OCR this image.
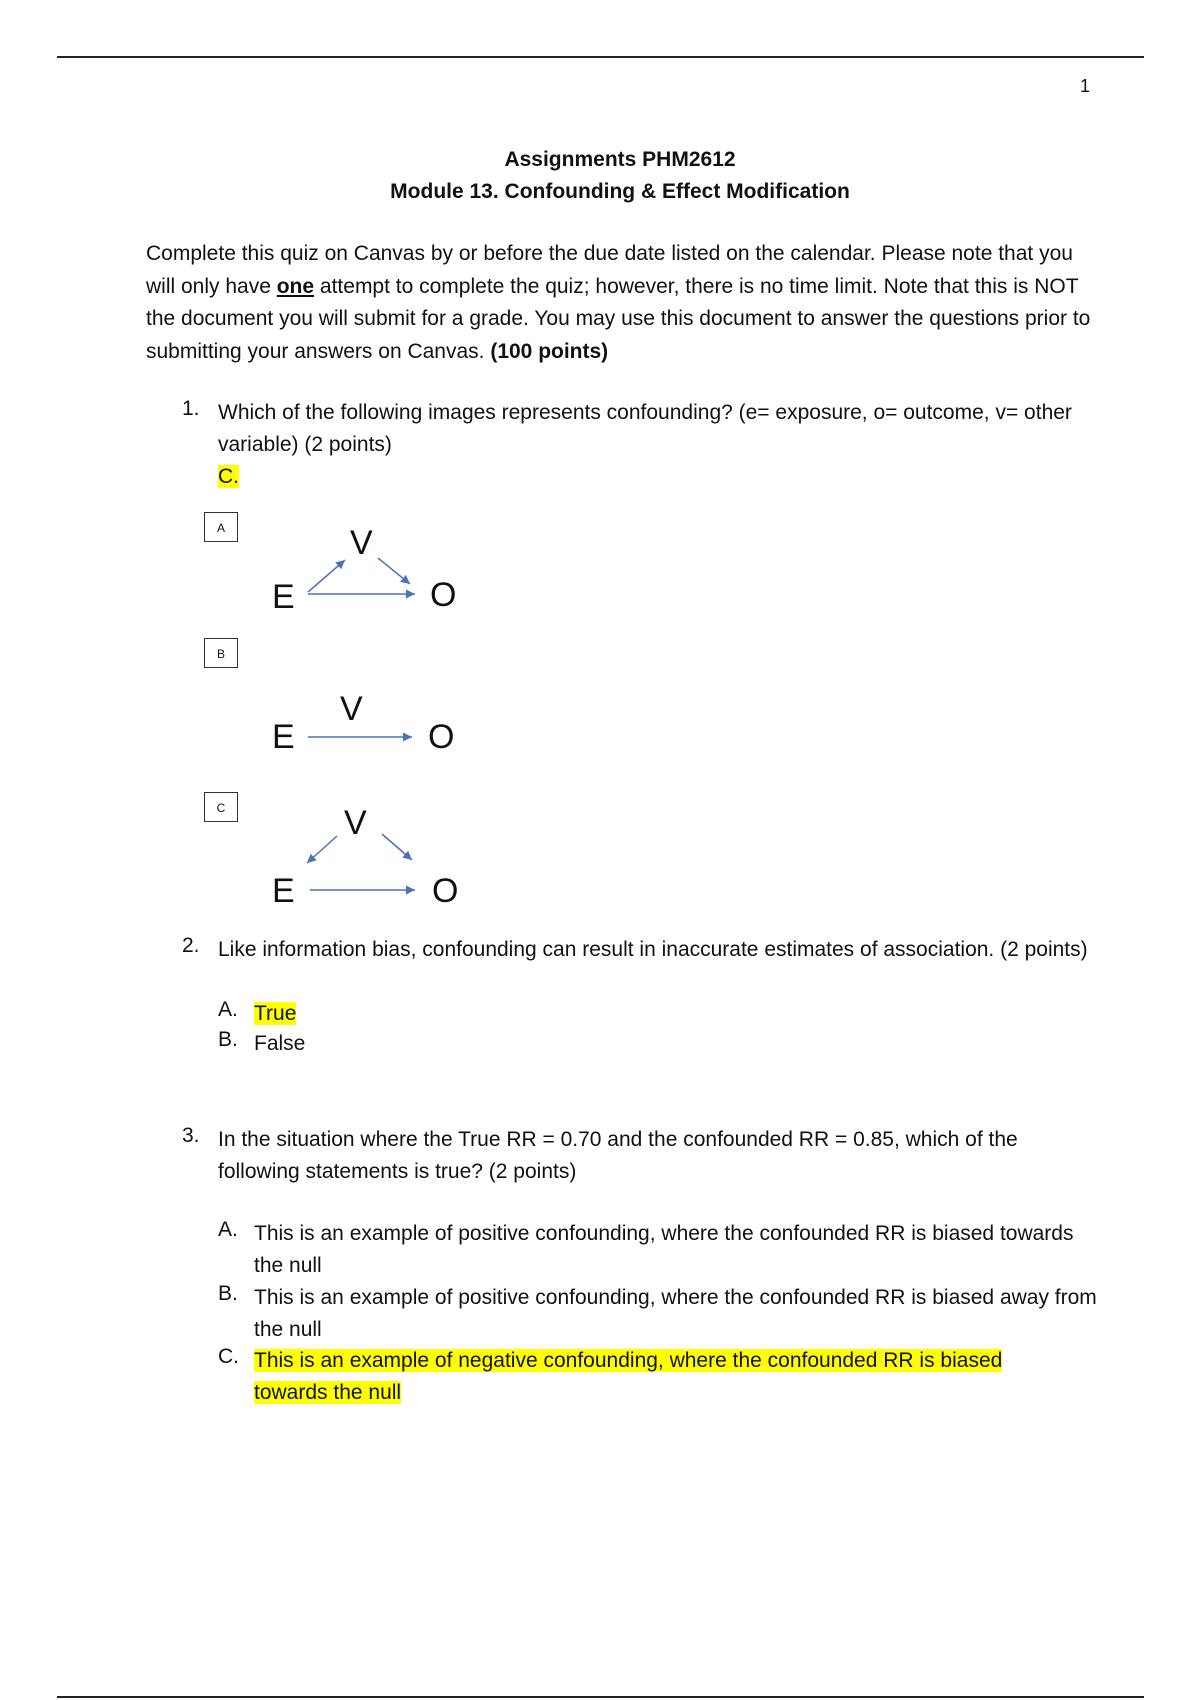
1
Assignments PHM2612
Module 13. Confounding & Effect Modification
Complete this quiz on Canvas by or before the due date listed on the calendar. Please note that you will only have one attempt to complete the quiz; however, there is no time limit. Note that this is NOT the document you will submit for a grade. You may use this document to answer the questions prior to submitting your answers on Canvas. (100 points)
1. Which of the following images represents confounding? (e= exposure, o= outcome, v= other variable) (2 points)
C.
A
E
V
O
B
E
V
O
C
E
V
O
2. Like information bias, confounding can result in inaccurate estimates of association. (2 points)
A. True
B. False
3. In the situation where the True RR = 0.70 and the confounded RR = 0.85, which of the following statements is true? (2 points)
A. This is an example of positive confounding, where the confounded RR is biased towards the null
B. This is an example of positive confounding, where the confounded RR is biased away from the null
C. This is an example of negative confounding, where the confounded RR is biased towards the null
